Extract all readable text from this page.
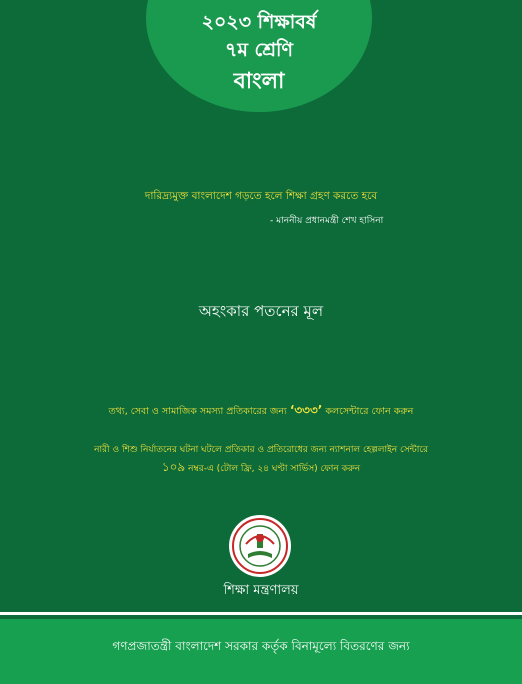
২০২৩ শিক্ষাবর্ষ
৭ম শ্রেণি
বাংলা
দারিদ্র্যমুক্ত বাংলাদেশ গড়তে হলে শিক্ষা গ্রহণ করতে হবে
- মাননীয় প্রধানমন্ত্রী শেখ হাসিনা
অহংকার পতনের মূল
তথ্য, সেবা ও সামাজিক সমস্যা প্রতিকারের জন্য ‘৩৩৩’ কলসেন্টারে ফোন করুন
নারী ও শিশু নির্যাতনের ঘটনা ঘটলে প্রতিকার ও প্রতিরোধের জন্য ন্যাশনাল হেল্পলাইন সেন্টারে
১০৯ নম্বর-এ (টোল ফ্রি, ২৪ ঘণ্টা সার্ভিস) ফোন করুন
শিক্ষা মন্ত্রণালয়
গণপ্রজাতন্ত্রী বাংলাদেশ সরকার কর্তৃক বিনামূল্যে বিতরণের জন্য
